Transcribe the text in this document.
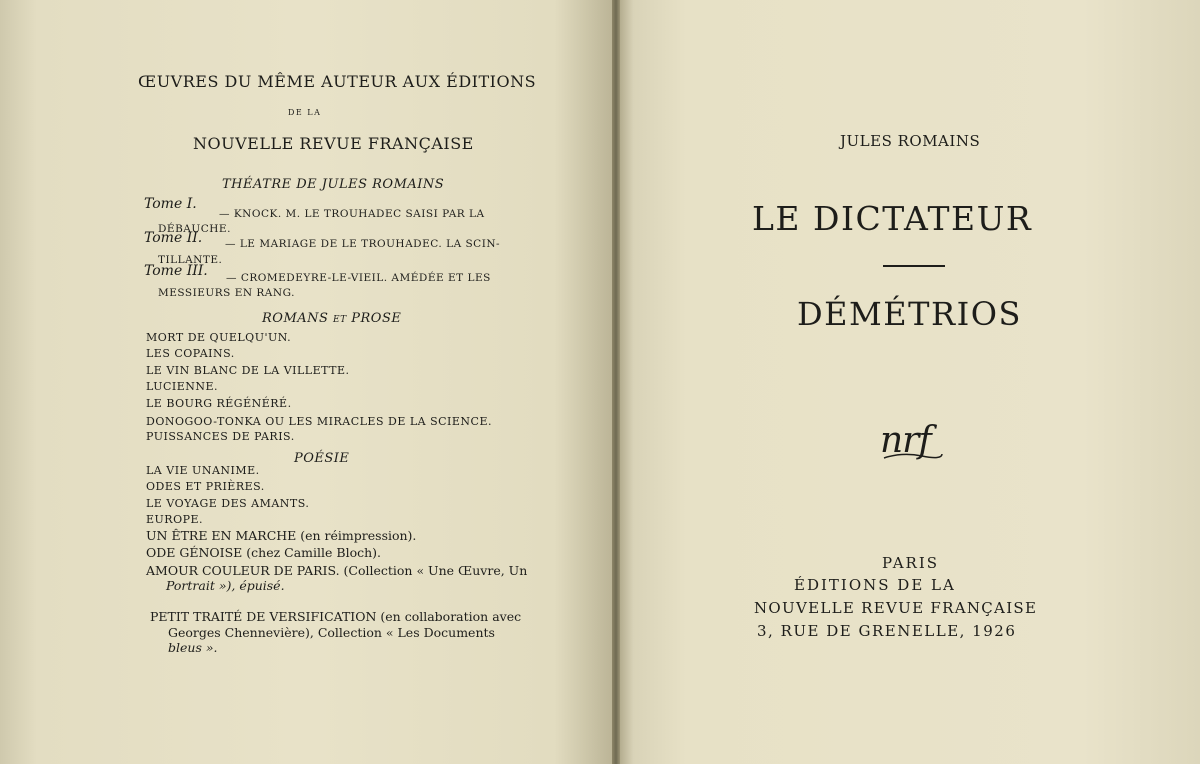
ŒUVRES DU MÊME AUTEUR AUX ÉDITIONS
DE LA
NOUVELLE REVUE FRANÇAISE
THÉATRE DE JULES ROMAINS
Tome I.
— KNOCK. M. LE TROUHADEC SAISI PAR LA
DÉBAUCHE.
Tome II. — LE MARIAGE DE LE TROUHADEC. LA SCIN-
TILLANTE.
Tome III. — CROMEDEYRE-LE-VIEIL. AMÉDÉE ET LES
MESSIEURS EN RANG.
ROMANS et PROSE
MORT DE QUELQU'UN.
LES COPAINS.
LE VIN BLANC DE LA VILLETTE.
LUCIENNE.
LE BOURG RÉGÉNÉRÉ.
DONOGOO-TONKA OU LES MIRACLES DE LA SCIENCE.
PUISSANCES DE PARIS.
POÉSIE
LA VIE UNANIME.
ODES ET PRIÈRES.
LE VOYAGE DES AMANTS.
EUROPE.
UN ÊTRE EN MARCHE (en réimpression).
ODE GÉNOISE (chez Camille Bloch).
AMOUR COULEUR DE PARIS. (Collection « Une Œuvre, Un
Portrait »), épuisé.
PETIT TRAITÉ DE VERSIFICATION (en collaboration avec
Georges Chennevière), Collection « Les Documents
bleus ».
JULES ROMAINS
LE DICTATEUR
DÉMÉTRIOS
nrf
PARIS
ÉDITIONS DE LA
NOUVELLE REVUE FRANÇAISE
3, RUE DE GRENELLE, 1926
